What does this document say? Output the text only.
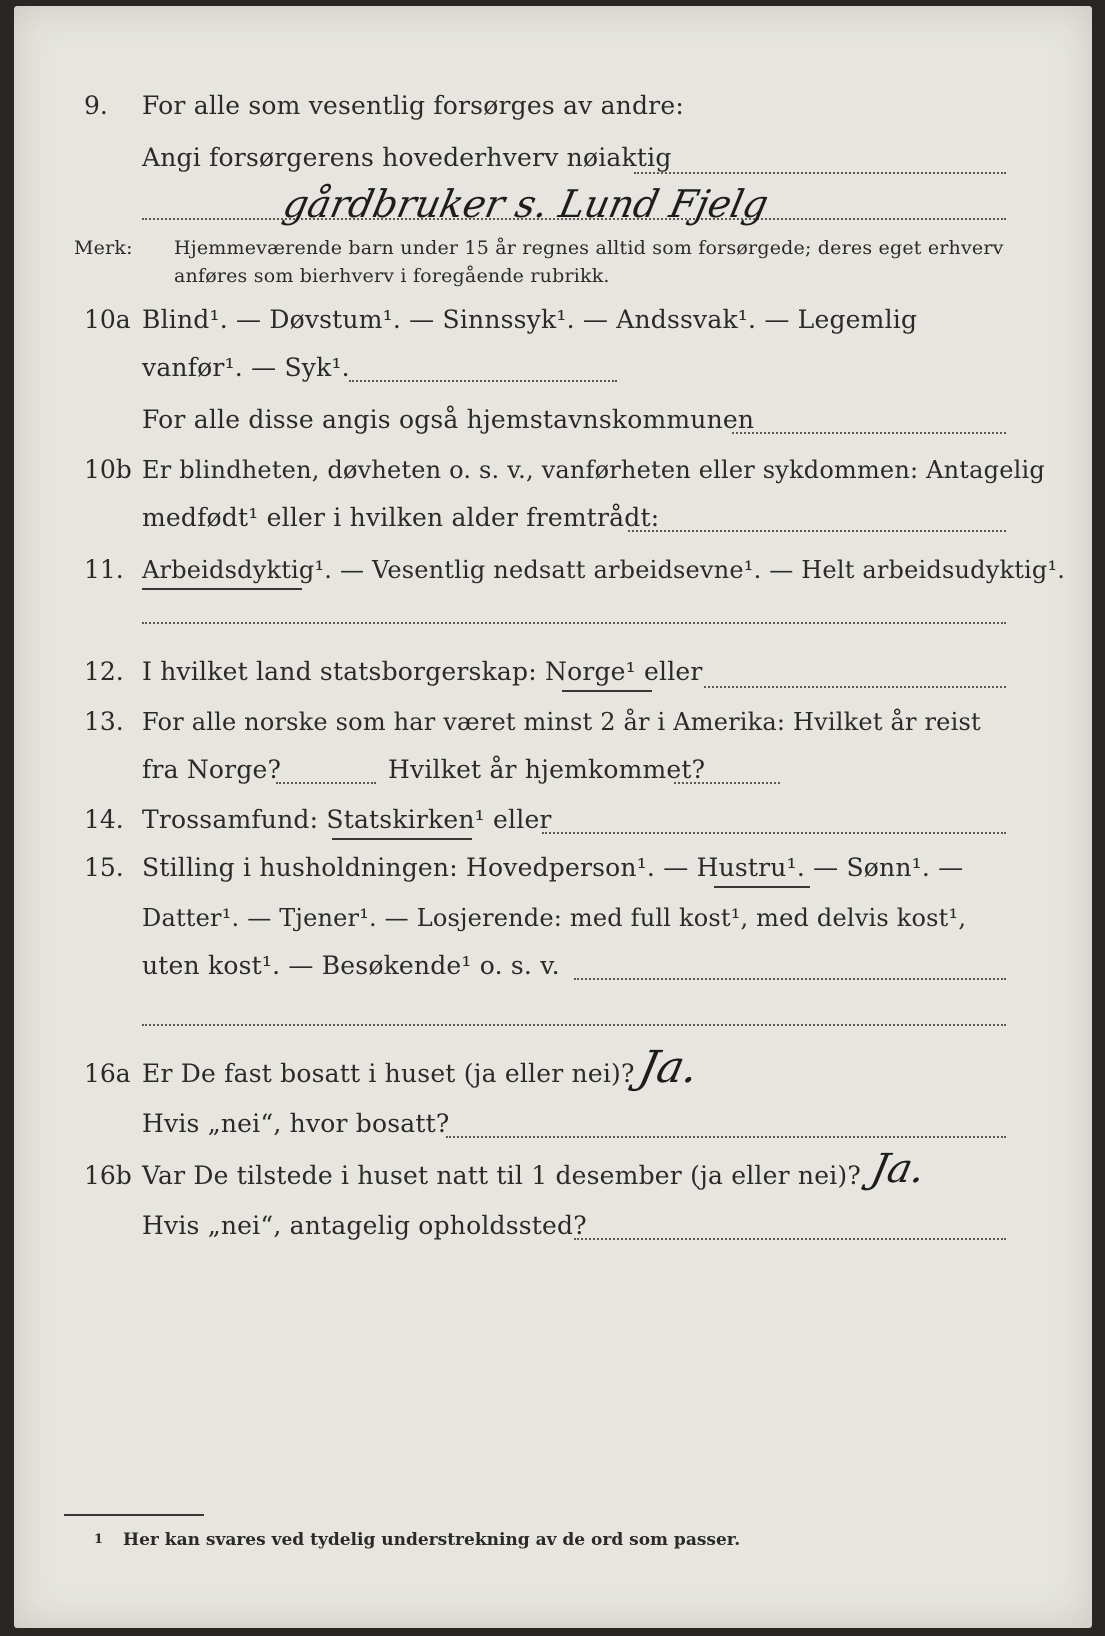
9. For alle som vesentlig forsørges av andre:
Angi forsørgerens hovederhverv nøiaktig
gårdbruker s. Lund Fjelg
Merk: Hjemmeværende barn under 15 år regnes alltid som forsørgede; deres eget erhverv
anføres som bierhverv i foregående rubrikk.
10a Blind¹. — Døvstum¹. — Sinnssyk¹. — Andssvak¹. — Legemlig
vanfør¹. — Syk¹.
For alle disse angis også hjemstavnskommunen
10b Er blindheten, døvheten o. s. v., vanførheten eller sykdommen: Antagelig
medfødt¹ eller i hvilken alder fremtrådt:
11. Arbeidsdyktig¹. — Vesentlig nedsatt arbeidsevne¹. — Helt arbeidsudyktig¹.
12. I hvilket land statsborgerskap: Norge¹ eller
13. For alle norske som har været minst 2 år i Amerika: Hvilket år reist
fra Norge?	Hvilket år hjemkommet?
14. Trossamfund: Statskirken¹ eller
15. Stilling i husholdningen: Hovedperson¹. — Hustru¹. — Sønn¹. —
Datter¹. — Tjener¹. — Losjerende: med full kost¹, med delvis kost¹,
uten kost¹. — Besøkende¹ o. s. v.
16a Er De fast bosatt i huset (ja eller nei)? Ja.
Hvis „nei“, hvor bosatt?
16b Var De tilstede i huset natt til 1 desember (ja eller nei)? Ja.
Hvis „nei“, antagelig opholdssted?
1 Her kan svares ved tydelig understrekning av de ord som passer.
